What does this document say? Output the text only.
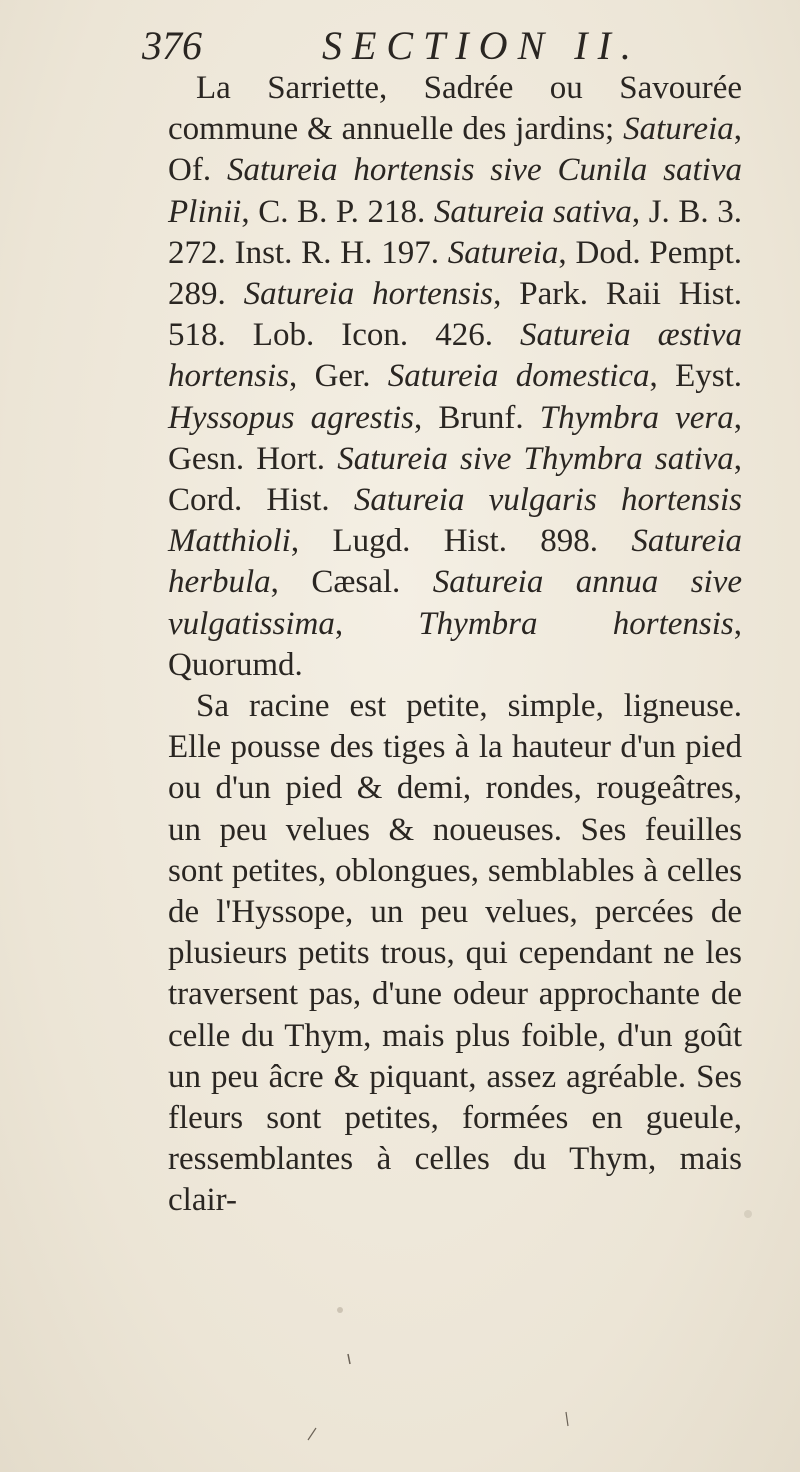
376	SECTION II.

La Sarriette, Sadrée ou Savourée commune & annuelle des jardins; Satureia, Of. Satureia hortensis sive Cunila sativa Plinii, C. B. P. 218. Satureia sativa, J. B. 3. 272. Inst. R. H. 197. Satureia, Dod. Pempt. 289. Satureia hortensis, Park. Raii Hist. 518. Lob. Icon. 426. Satureia æstiva hortensis, Ger. Satureia domestica, Eyst. Hyssopus agrestis, Brunf. Thymbra vera, Gesn. Hort. Satureia sive Thymbra sativa, Cord. Hist. Satureia vulgaris hortensis Matthioli, Lugd. Hist. 898. Satureia herbula, Cæsal. Satureia annua sive vulgatissima, Thymbra hortensis, Quorumd.

Sa racine est petite, simple, ligneuse. Elle pousse des tiges à la hauteur d'un pied ou d'un pied & demi, rondes, rougeâtres, un peu velues & noueuses. Ses feuilles sont petites, oblongues, semblables à celles de l'Hyssope, un peu velues, percées de plusieurs petits trous, qui cependant ne les traversent pas, d'une odeur approchante de celle du Thym, mais plus foible, d'un goût un peu âcre & piquant, assez agréable. Ses fleurs sont petites, formées en gueule, ressemblantes à celles du Thym, mais clair-
